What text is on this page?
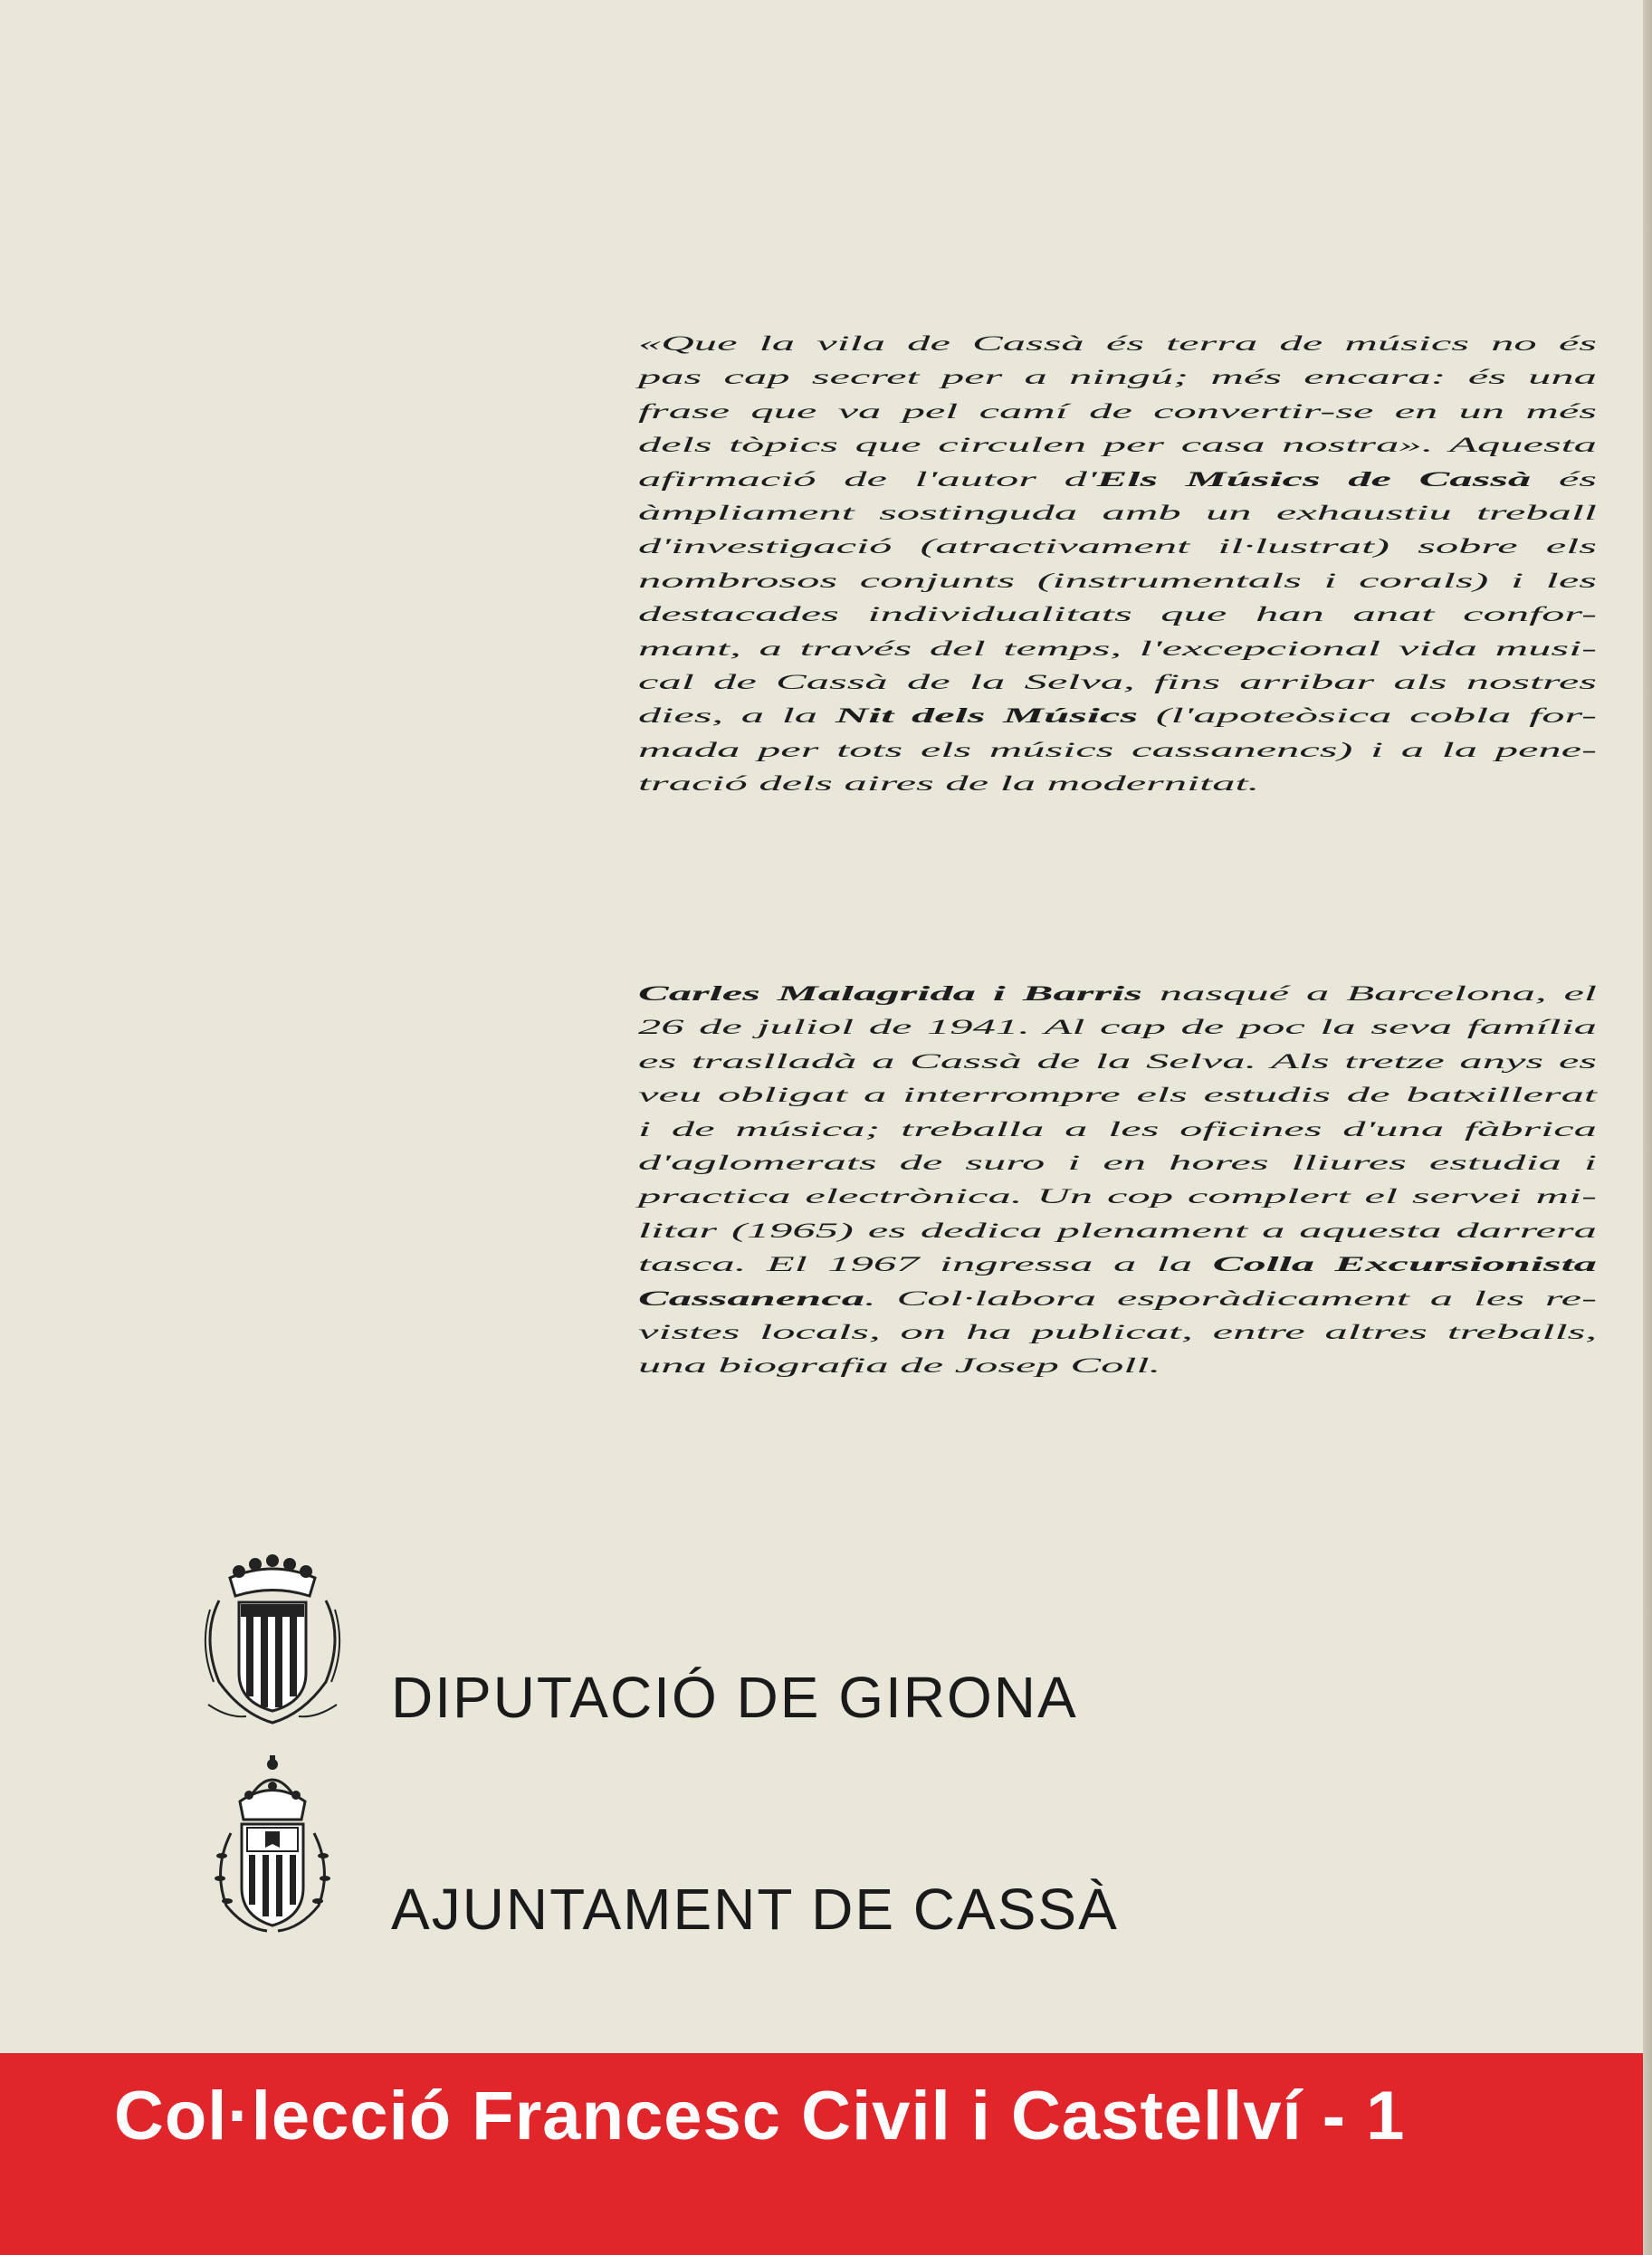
«Que la vila de Cassà és terra de músics no és
pas cap secret per a ningú; més encara: és una
frase que va pel camí de convertir-se en un més
dels tòpics que circulen per casa nostra». Aquesta
afirmació de l'autor d'Els Músics de Cassà és
àmpliament sostinguda amb un exhaustiu treball
d'investigació (atractivament il·lustrat) sobre els
nombrosos conjunts (instrumentals i corals) i les
destacades individualitats que han anat confor-
mant, a través del temps, l'excepcional vida musi-
cal de Cassà de la Selva, fins arribar als nostres
dies, a la Nit dels Músics (l'apoteòsica cobla for-
mada per tots els músics cassanencs) i a la pene-
tració dels aires de la modernitat.
Carles Malagrida i Barris nasqué a Barcelona, el
26 de juliol de 1941. Al cap de poc la seva família
es traslladà a Cassà de la Selva. Als tretze anys es
veu obligat a interrompre els estudis de batxillerat
i de música; treballa a les oficines d'una fàbrica
d'aglomerats de suro i en hores lliures estudia i
practica electrònica. Un cop complert el servei mi-
litar (1965) es dedica plenament a aquesta darrera
tasca. El 1967 ingressa a la Colla Excursionista
Cassanenca. Col·labora esporàdicament a les re-
vistes locals, on ha publicat, entre altres treballs,
una biografia de Josep Coll.
DIPUTACIÓ DE GIRONA
AJUNTAMENT DE CASSÀ
Col·lecció Francesc Civil i Castellví - 1
